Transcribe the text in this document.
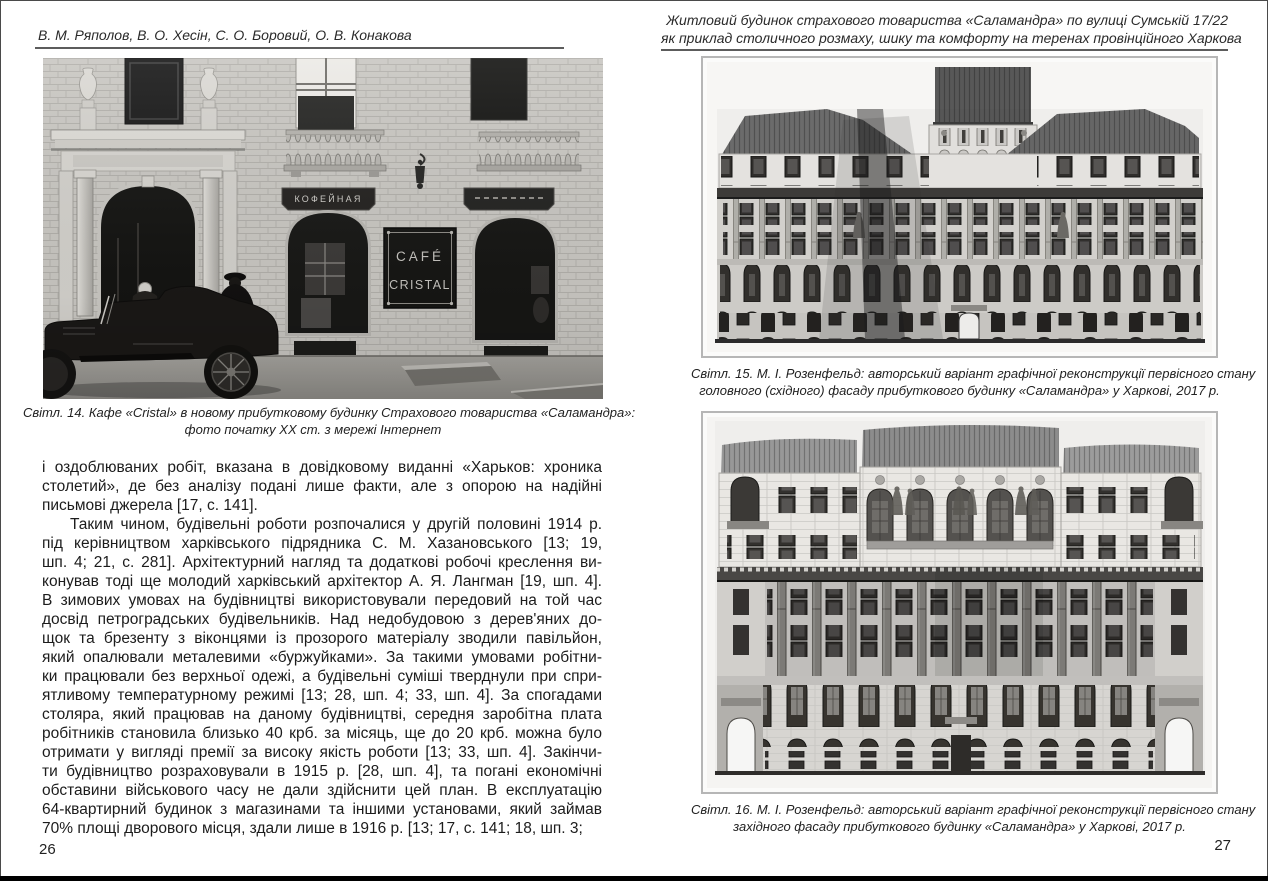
В. М. Ряполов, В. О. Хесін, С. О. Боровий, О. В. Конакова
Світл. 14. Кафе «Cristal» в новому прибутковому будинку Страхового товариства «Саламандра»:
фото початку ХХ ст. з мережі Інтернет
і оздоблюваних робіт, вказана в довідковому виданні «Харьков: хроника
столетий», де без аналізу подані лише факти, але з опорою на надійні
письмові джерела [17, с. 141].
Таким чином, будівельні роботи розпочалися у другій половині 1914 р.
під керівництвом харківського підрядника С. М. Хазановського [13; 19,
шп. 4; 21, с. 281]. Архітектурний нагляд та додаткові робочі креслення ви-
конував тоді ще молодий харківський архітектор А. Я. Лангман [19, шп. 4].
В зимових умовах на будівництві використовували передовий на той час
досвід петроградських будівельників. Над недобудовою з дерев'яних до-
щок та брезенту з віконцями із прозорого матеріалу зводили павільйон,
який опалювали металевими «буржуйками». За такими умовами робітни-
ки працювали без верхньої одежі, а будівельні суміші тверднули при спри-
ятливому температурному режимі [13; 28, шп. 4; 33, шп. 4]. За спогадами
столяра, який працював на даному будівництві, середня заробітна плата
робітників становила близько 40 крб. за місяць, ще до 20 крб. можна було
отримати у вигляді премії за високу якість роботи [13; 33, шп. 4]. Закінчи-
ти будівництво розраховували в 1915 р. [28, шп. 4], та погані економічні
обставини військового часу не дали здійснити цей план. В експлуатацію
64-квартирний будинок з магазинами та іншими установами, який займав
70% площі дворового місця, здали лише в 1916 р. [13; 17, с. 141; 18, шп. 3;
26
Житловий будинок страхового товариства «Саламандра» по вулиці Сумській 17/22
як приклад столичного розмаху, шику та комфорту на теренах провінційного Харкова
Світл. 15. М. І. Розенфельд: авторський варіант графічної реконструкції первісного стану
головного (східного) фасаду прибуткового будинку «Саламандра» у Харкові, 2017 р.
Світл. 16. М. І. Розенфельд: авторський варіант графічної реконструкції первісного стану
західного фасаду прибуткового будинку «Саламандра» у Харкові, 2017 р.
27
